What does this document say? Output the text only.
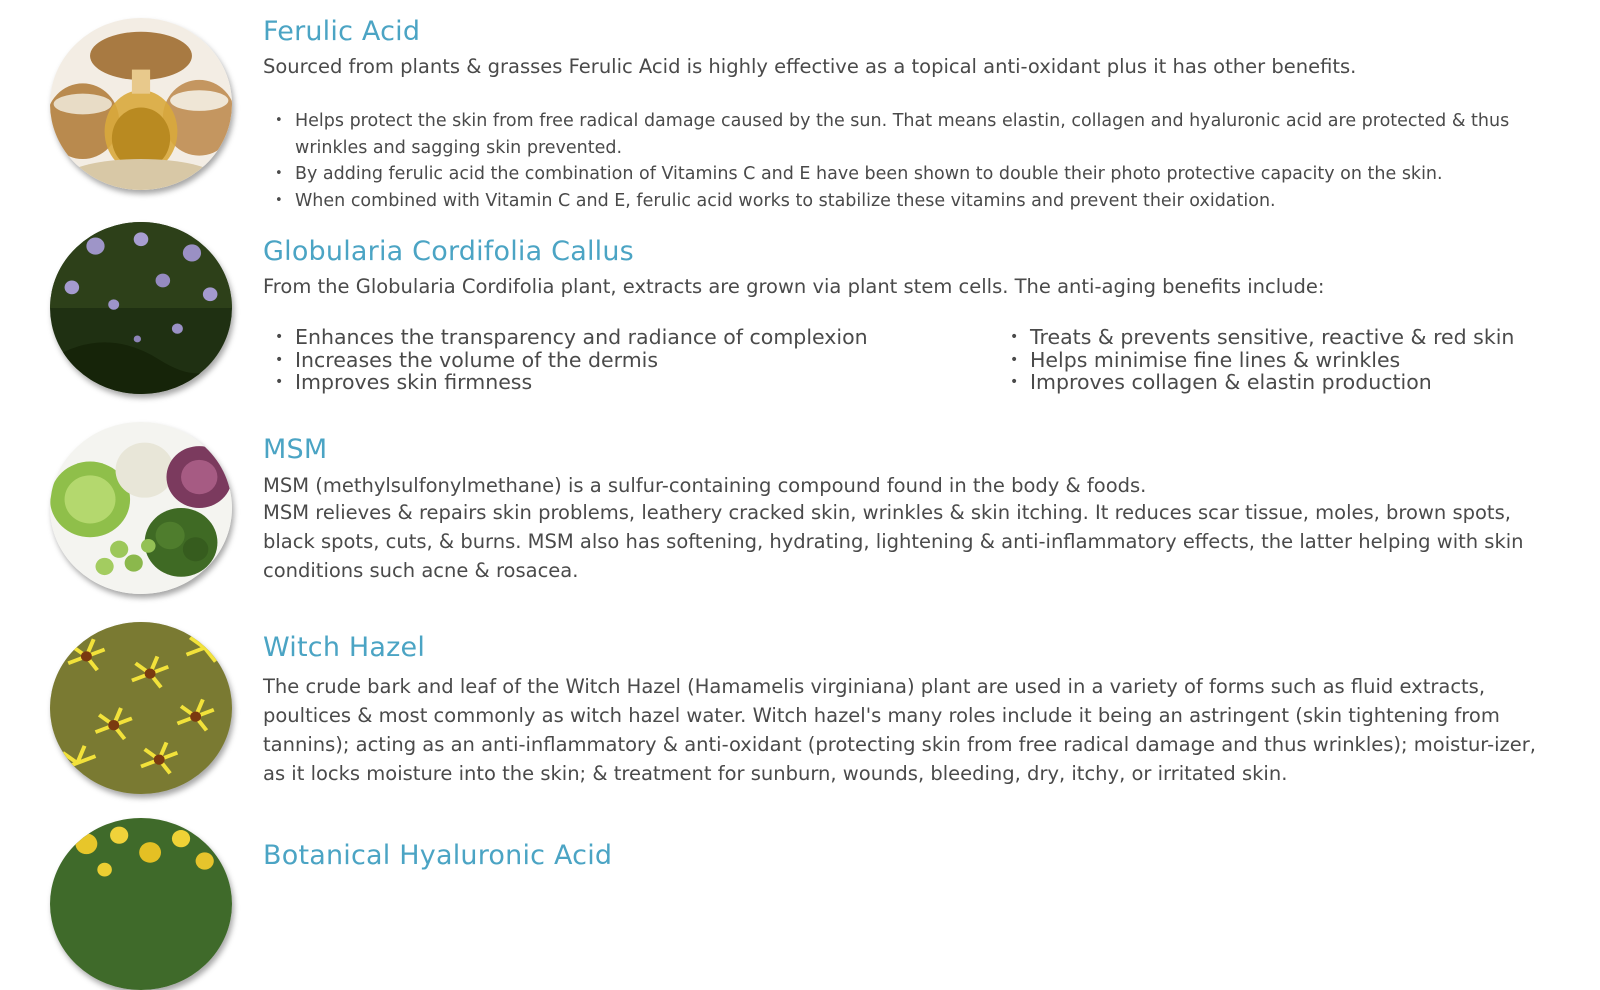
Ferulic Acid

Sourced from plants & grasses Ferulic Acid is highly effective as a topical anti-oxidant plus it has other benefits.

• Helps protect the skin from free radical damage caused by the sun. That means elastin, collagen and hyaluronic acid are protected & thus wrinkles and sagging skin prevented.
• By adding ferulic acid the combination of Vitamins C and E have been shown to double their photo protective capacity on the skin.
• When combined with Vitamin C and E, ferulic acid works to stabilize these vitamins and prevent their oxidation.
Globularia Cordifolia Callus

From the Globularia Cordifolia plant, extracts are grown via plant stem cells. The anti-aging benefits include:

• Enhances the transparency and radiance of complexion
• Increases the volume of the dermis
• Improves skin firmness
• Treats & prevents sensitive, reactive & red skin
• Helps minimise fine lines & wrinkles
• Improves collagen & elastin production
MSM

MSM (methylsulfonylmethane) is a sulfur-containing compound found in the body & foods.

MSM relieves & repairs skin problems, leathery cracked skin, wrinkles & skin itching. It reduces scar tissue, moles, brown spots, black spots, cuts, & burns. MSM also has softening, hydrating, lightening & anti-inflammatory effects, the latter helping with skin conditions such acne & rosacea.

Witch Hazel

The crude bark and leaf of the Witch Hazel (Hamamelis virginiana) plant are used in a variety of forms such as fluid extracts, poultices & most commonly as witch hazel water. Witch hazel's many roles include it being an astringent (skin tightening from tannins); acting as an anti-inflammatory & anti-oxidant (protecting skin from free radical damage and thus wrinkles); moistur-izer, as it locks moisture into the skin; & treatment for sunburn, wounds, bleeding, dry, itchy, or irritated skin.

Botanical Hyaluronic Acid
